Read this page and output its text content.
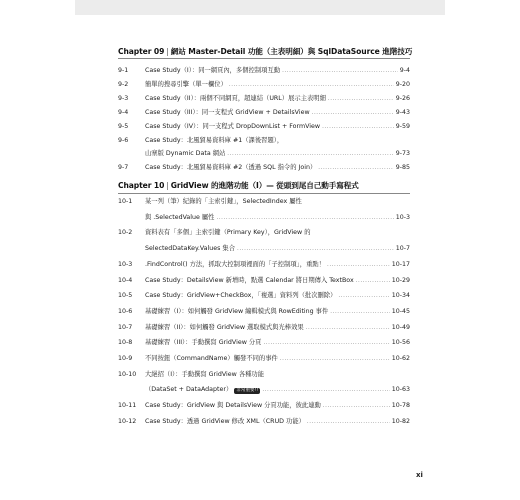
Chapter 09 | 網站 Master-Detail 功能（主表明細）與 SqlDataSource 進階技巧
9-1	Case Study（I）：同一網頁內，多個控制項互動 .....	9-4
9-2	簡單的搜尋引擎（單一欄位） .....	9-20
9-3	Case Study（II）：兩個不同網頁，超連結（URL）展示主表明細 .....	9-26
9-4	Case Study（III）：同一支程式 GridView + DetailsView .....	9-43
9-5	Case Study（IV）：同一支程式 DropDownList + FormView .....	9-59
9-6	Case Study：北風貿易資料庫 #1（課後習題），
山寨版 Dynamic Data 網站 .....	9-73
9-7	Case Study：北風貿易資料庫 #2（透過 SQL 指令的 Join） .....	9-85
Chapter 10 | GridView 的進階功能（I）— 從頭到尾自己動手寫程式
10-1	某一列（筆）紀錄的「主索引鍵」，SelectedIndex 屬性
與 .SelectedValue 屬性 .....	10-3
10-2	資料表有「多個」主索引鍵（Primary Key），GridView 的
SelectedDataKey.Values 集合 .....	10-7
10-3	.FindControl() 方法，抓取大控制項裡面的「子控制項」，重點！ .....	10-17
10-4	Case Study：DetailsView 新增時，點選 Calendar 將日期傳入 TextBox .....	10-29
10-5	Case Study：GridView+CheckBox，「複選」資料列（批次刪除） .....	10-34
10-6	基礎練習（I）：如何觸發 GridView 編輯模式與 RowEditing 事件 .....	10-45
10-7	基礎練習（II）：如何觸發 GridView 選取模式與光棒效果 .....	10-49
10-8	基礎練習（III）：手動撰寫 GridView 分頁 .....	10-56
10-9	不同按鈕（CommandName）觸發不同的事件 .....	10-62
10-10	大絕招（I）：手動撰寫 GridView 各種功能
（DataSet + DataAdapter） 非常重要!! .....	10-63
10-11	Case Study：GridView 與 DetailsView 分頁功能，彼此連動 .....	10-78
10-12	Case Study：透過 GridView 修改 XML（CRUD 功能） .....	10-82
xi
